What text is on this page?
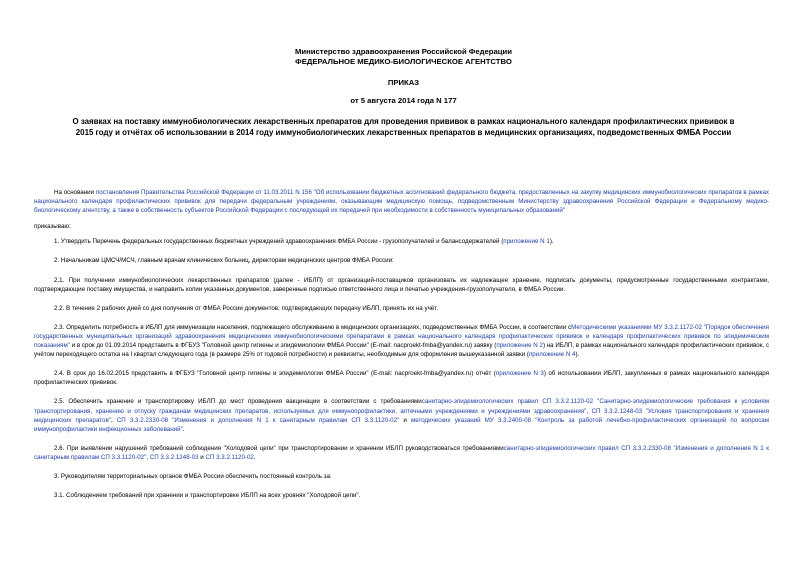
Министерство здравоохранения Российской Федерации
ФЕДЕРАЛЬНОЕ МЕДИКО-БИОЛОГИЧЕСКОЕ АГЕНТСТВО
ПРИКАЗ
от 5 августа 2014 года N 177
О заявках на поставку иммунобиологических лекарственных препаратов для проведения прививок в рамках национального календаря профилактических прививок в 2015 году и отчётах об использовании в 2014 году иммунобиологических лекарственных препаратов в медицинских организациях, подведомственных ФМБА России

На основании постановления Правительства Российской Федерации от 11.03.2011 N 156 "Об использовании бюджетных ассигнований федерального бюджета, предоставленных на закупку медицинских иммунобиологических препаратов в рамках национального календаря профилактических прививок для передачи федеральным учреждениям, оказывающим медицинскую помощь, подведомственным Министерству здравоохранения Российской Федерации и Федеральному медико-биологическому агентству, а также в собственность субъектов Российской Федерации с последующей их передачей при необходимости в собственность муниципальных образований"

приказываю:

1. Утвердить Перечень федеральных государственных бюджетных учреждений здравоохранения ФМБА России - грузополучателей и балансодержателей (приложение N 1).

2. Начальникам ЦМСЧ/МСЧ, главным врачам клинических больниц, директорам медицинских центров ФМБА России:

2.1. При получении иммунобиологических лекарственных препаратов (далее - ИБЛП) от организаций-поставщиков организовать их надлежащее хранение, подписать документы, предусмотренные государственными контрактами, подтверждающие поставку имущества, и направить копии указанных документов, заверенные подписью ответственного лица и печатью учреждения-грузополучателя, в ФМБА России.

2.2. В течение 2 рабочих дней со дня получения от ФМБА России документов, подтверждающих передачу ИБЛП, принять их на учёт.

2.3. Определить потребность в ИБЛП для иммунизации населения, подлежащего обслуживанию в медицинских организациях, подведомственных ФМБА России, в соответствии сМетодическими указаниями МУ 3.3.2.1172-02 "Порядок обеспечения государственных муниципальных организаций здравоохранения медицинскими иммунобиологическими препаратами в рамках национального календаря профилактических прививок и календаря профилактических прививок по эпидемическим показаниям" и в срок до 01.09.2014 представить в ФГБУЗ "Головной центр гигиены и эпидемиологии ФМБА России" (E-mail: nacproekt-fmba@yandex.ru) заявку (приложение N 2) на ИБЛП, в рамках национального календаря профилактических прививок, с учётом переходящего остатка на I квартал следующего года (в размере 25% от годовой потребности) и реквизиты, необходимые для оформления вышеуказанной заявки (приложение N 4).

2.4. В срок до 16.02.2015 представить в ФГБУЗ "Головной центр гигиены и эпидемиологии ФМБА России" (E-mail: nacproekt-fmba@yandex.ru) отчёт (приложение N 3) об использовании ИБЛП, закупленных в рамках национального календаря профилактических прививок.

2.5. Обеспечить хранение и транспортировку ИБЛП до мест проведения вакцинации в соответствии с требованиямисанитарно-эпидемиологических правил СП 3.3.2.1120-02 "Санитарно-эпидемиологические требования к условиям транспортирования, хранению и отпуску гражданам медицинских препаратов, используемых для иммунопрофилактики, аптечными учреждениями и учреждениями здравоохранения", СП 3.3.2.1248-03 "Условия транспортирования и хранения медицинских препаратов", СП 3.3.2.2330-08 "Изменения и дополнения N 1 к санитарным правилам СП 3.3.1120-02" и методических указаний МУ 3.3.2400-08 "Контроль за работой лечебно-профилактических организаций по вопросам иммунопрофилактики инфекционных заболеваний".

2.6. При выявлении нарушений требований соблюдения "Холодовой цепи" при транспортировании и хранении ИБЛП руководствоваться требованиямисанитарно-эпидемиологических правил СП 3.3.2.2330-08 "Изменения и дополнения N 1 к санитарным правилам СП 3.3.1120-02", СП 3.3.2.1248-03 и СП 3.3.2.1120-02.

3. Руководителям территориальных органов ФМБА России обеспечить постоянный контроль за:

3.1. Соблюдением требований при хранении и транспортировке ИБЛП на всех уровнях "Холодовой цепи".
